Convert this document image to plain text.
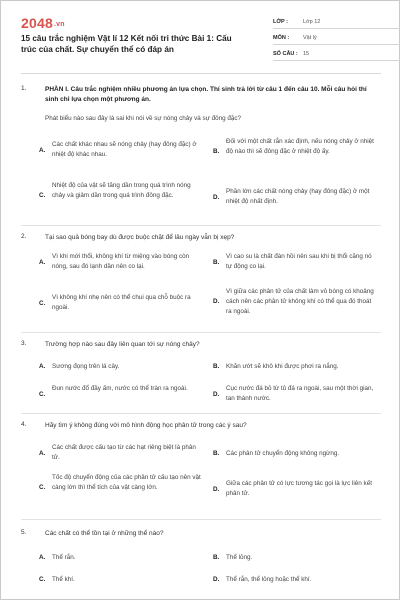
2048.vn
15 câu trắc nghiệm Vật lí 12 Kết nối tri thức Bài 1: Cấu trúc của chất. Sự chuyển thể có đáp án
LỚP :	Lớp 12
MÔN :	Vật lý
SỐ CÂU : 15
1.	PHẦN I. Câu trắc nghiệm nhiều phương án lựa chọn. Thí sinh trả lời từ câu 1 đến câu 10. Mỗi câu hỏi thí sinh chỉ lựa chọn một phương án.
Phát biểu nào sau đây là sai khi nói về sự nóng chảy và sự đông đặc?
A.
Các chất khác nhau sẽ nóng chảy (hay đông đặc) ở nhiệt độ khác nhau.	B.
Đối với một chất rắn xác định, nếu nóng chảy ở nhiệt độ nào thì sẽ đông đặc ở nhiệt độ ấy.
C.
Nhiệt độ của vật sẽ tăng dần trong quá trình nóng chảy và giảm dần trong quá trình đông đặc.	D.
Phần lớn các chất nóng chảy (hay đông đặc) ở một nhiệt độ nhất định.
2.	Tại sao quả bóng bay dù được buộc chặt để lâu ngày vẫn bị xẹp?
A.
Vì khi mới thổi, không khí từ miệng vào bóng còn nóng, sau đó lạnh dần nên co lại.
B.
Vì cao su là chất đàn hồi nên sau khi bị thổi căng nó tự động co lại.
C.
Vì không khí nhẹ nên có thể chui qua chỗ buộc ra ngoài.
D.
Vì giữa các phân tử của chất làm vỏ bóng có khoảng cách nên các phân tử không khí có thể qua đó thoát ra ngoài.
3.	Trường hợp nào sau đây liên quan tới sự nóng chảy?
A. Sương đọng trên lá cây.	B. Khăn ướt sẽ khô khi được phơi ra nắng.
C.
Đun nước đổ đầy ấm, nước có thể tràn ra ngoài.
D.
Cục nước đá bỏ từ tủ đá ra ngoài, sau một thời gian, tan thành nước.
4.	Hãy tìm ý không đúng với mô hình động học phân tử trong các ý sau?
A.
Các chất được cấu tạo từ các hạt riêng biệt là phân tử.
B. Các phân tử chuyển động không ngừng.
C.
Tốc độ chuyển động của các phân tử cấu tạo nên vật càng lớn thì thể tích của vật càng lớn.	D.
Giữa các phân tử có lực tương tác gọi là lực liên kết phân tử.
5.	Các chất có thể tồn tại ở những thể nào?
A. Thể rắn.	B. Thể lỏng.
C. Thể khí.	D. Thể rắn, thể lỏng hoặc thể khí.
